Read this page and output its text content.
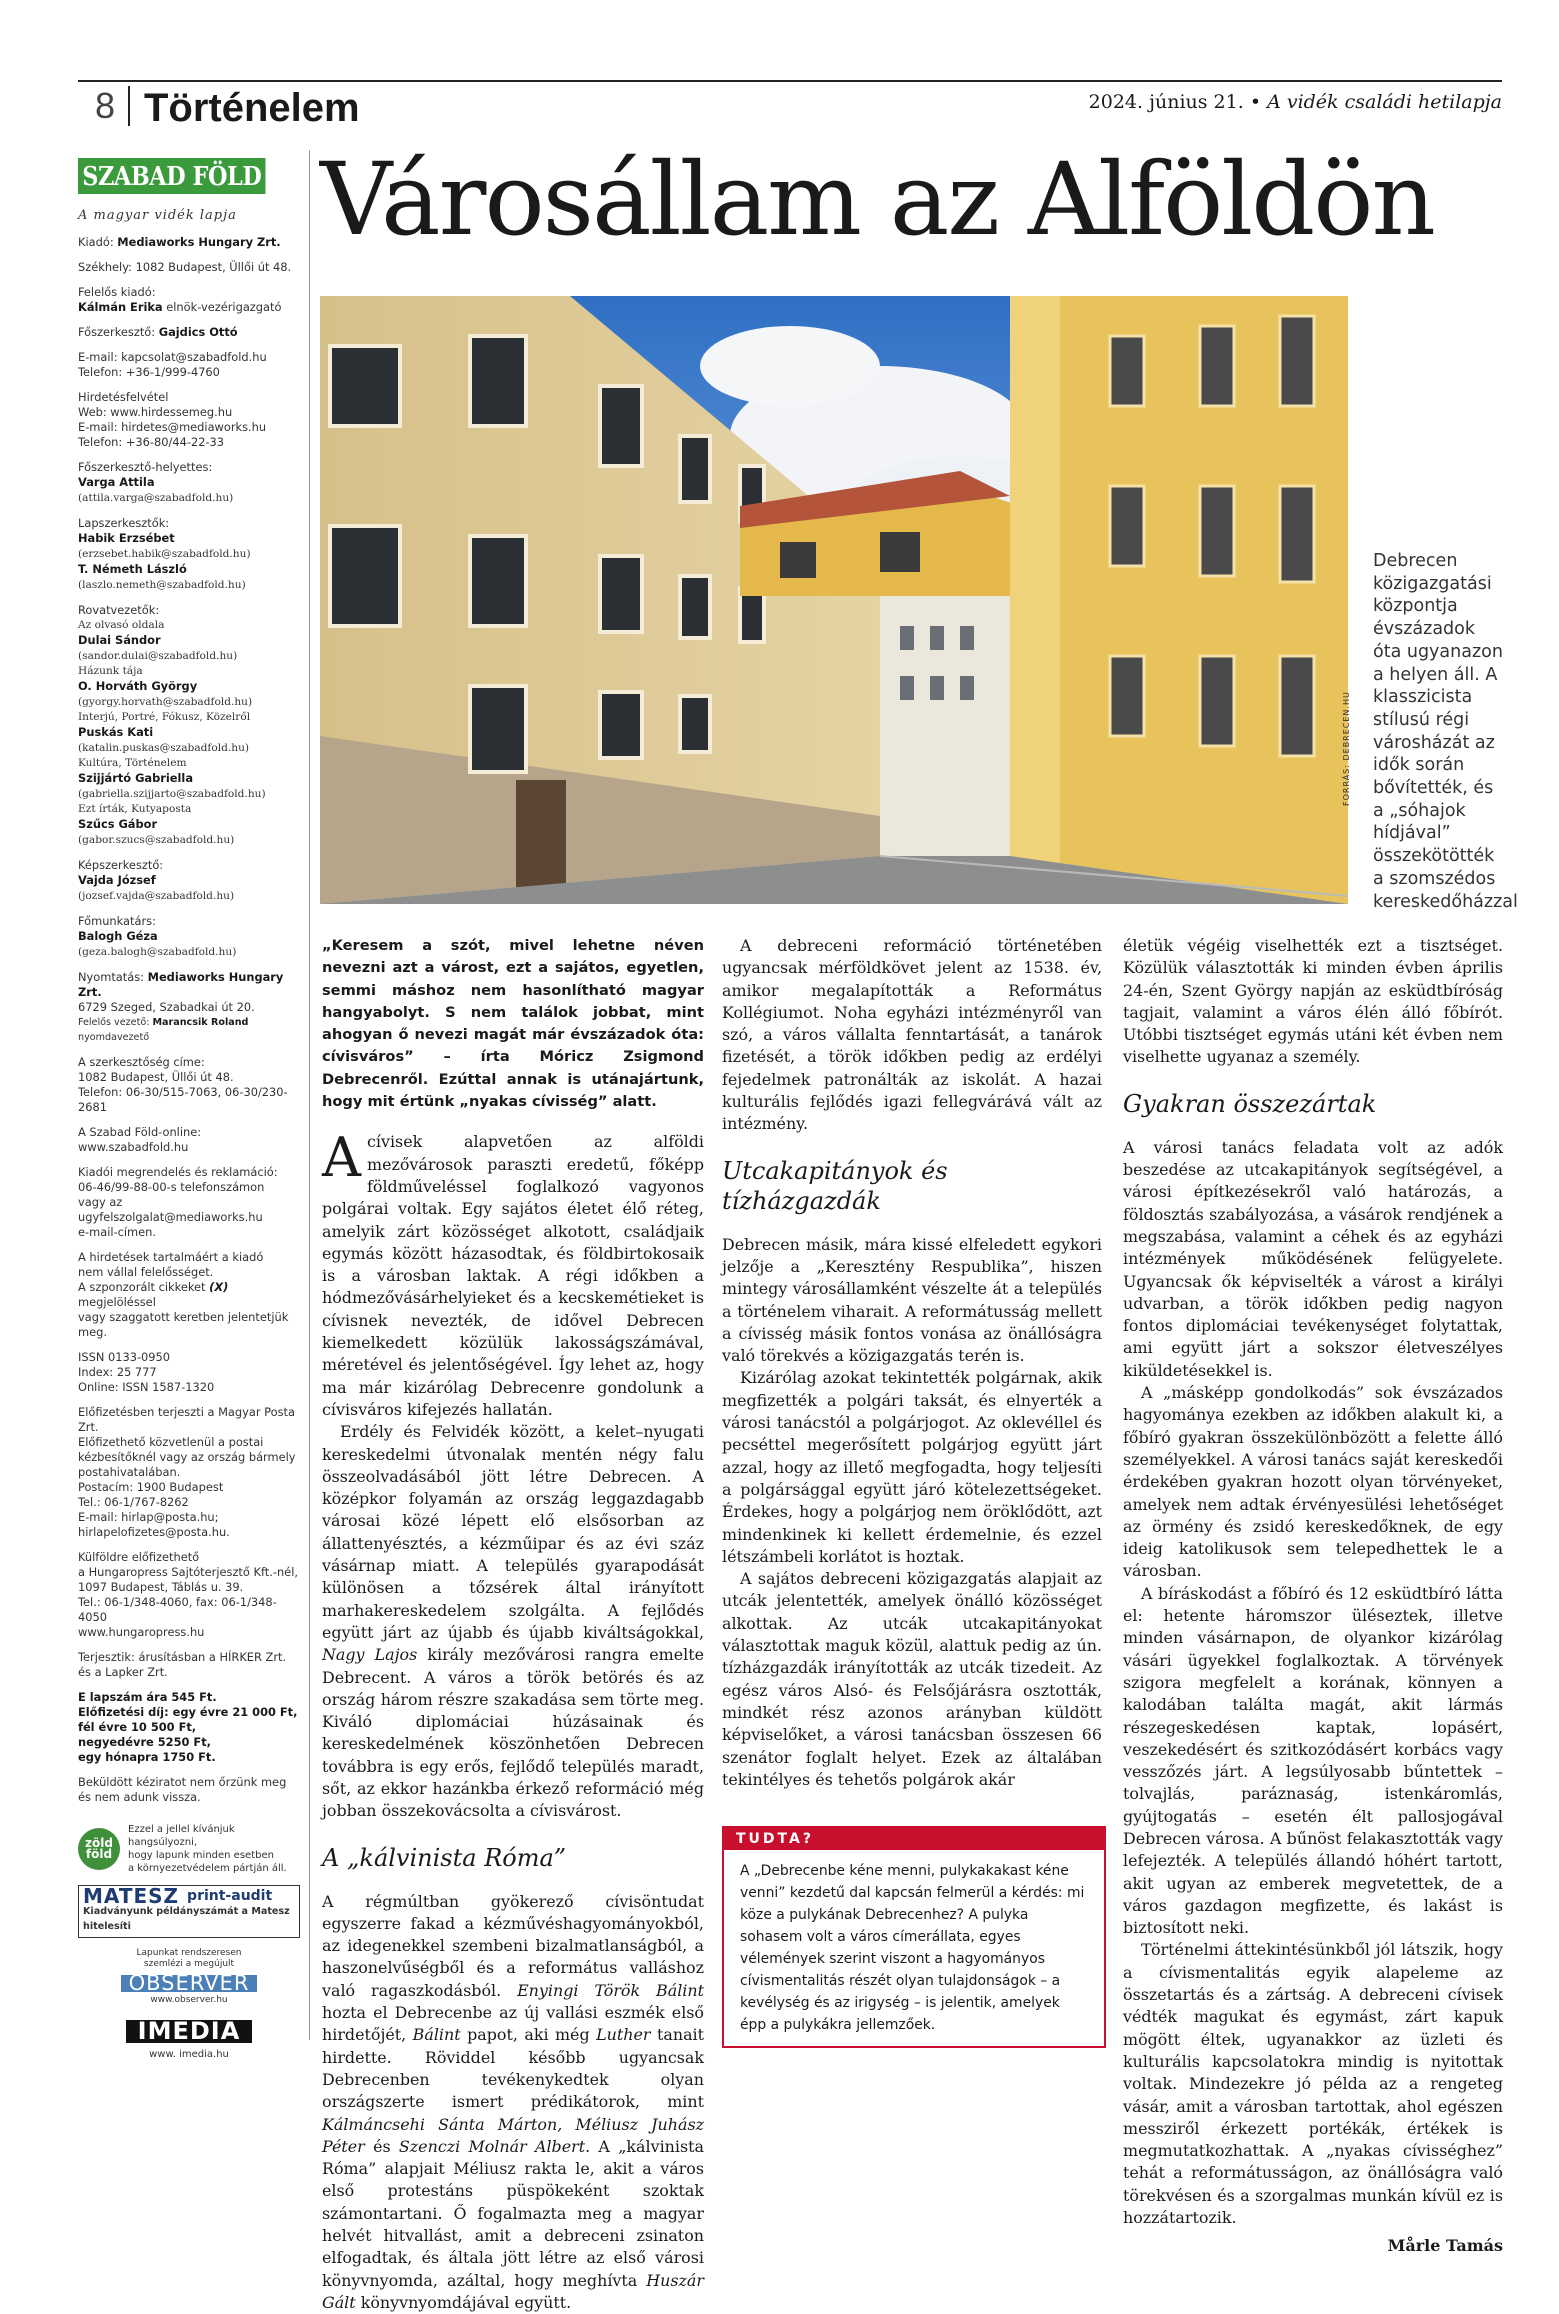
8 Történelem	2024. június 21. • A vidék családi hetilapja
SZABAD FÖLD
A magyar vidék lapja
Kiadó: Mediaworks Hungary Zrt.
Székhely: 1082 Budapest, Üllői út 48.
Felelős kiadó:
Kálmán Erika elnök-vezérigazgató
Főszerkesztő: Gajdics Ottó
E-mail: kapcsolat@szabadfold.hu
Telefon: +36-1/999-4760
Hirdetésfelvétel
Web: www.hirdessemeg.hu
E-mail: hirdetes@mediaworks.hu
Telefon: +36-80/44-22-33
Főszerkesztő-helyettes:
Varga Attila (attila.varga@szabadfold.hu)
Lapszerkesztők:
Habik Erzsébet (erzsebet.habik@szabadfold.hu)
T. Németh László (laszlo.nemeth@szabadfold.hu)
Rovatvezetők:
Az olvasó oldala
Dulai Sándor (sandor.dulai@szabadfold.hu)
Házunk tája
O. Horváth György (gyorgy.horvath@szabadfold.hu)
Interjú, Portré, Fókusz, Közelről
Puskás Kati (katalin.puskas@szabadfold.hu)
Kultúra, Történelem
Szijjártó Gabriella (gabriella.szijjarto@szabadfold.hu)
Ezt írták, Kutyaposta
Szűcs Gábor (gabor.szucs@szabadfold.hu)
Képszerkesztő:
Vajda József (jozsef.vajda@szabadfold.hu)
Főmunkatárs:
Balogh Géza (geza.balogh@szabadfold.hu)
Nyomtatás: Mediaworks Hungary Zrt.
6729 Szeged, Szabadkai út 20.
Felelős vezető: Marancsik Roland nyomdavezető
A szerkesztőség címe:
1082 Budapest, Üllői út 48.
Telefon: 06-30/515-7063, 06-30/230-2681
A Szabad Föld-online: www.szabadfold.hu
Kiadói megrendelés és reklamáció:
06-46/99-88-00-s telefonszámon
vagy az ugyfelszolgalat@mediaworks.hu
e-mail-címen.
A hirdetések tartalmáért a kiadó
nem vállal felelősséget.
A szponzorált cikkeket (X) megjelöléssel
vagy szaggatott keretben jelentetjük meg.
ISSN 0133-0950
Index: 25 777
Online: ISSN 1587-1320
Előfizetésben terjeszti a Magyar Posta Zrt.
Előfizethető közvetlenül a postai
kézbesítőknél vagy az ország bármely
postahivatalában.
Postacím: 1900 Budapest
Tel.: 06-1/767-8262
E-mail: hirlap@posta.hu;
hirlapelofizetes@posta.hu.
Külföldre előfizethető
a Hungaropress Sajtóterjesztő Kft.-nél,
1097 Budapest, Táblás u. 39.
Tel.: 06-1/348-4060, fax: 06-1/348-4050
www.hungaropress.hu
Terjesztik: árusításban a HÍRKER Zrt.
és a Lapker Zrt.
E lapszám ára 545 Ft.
Előfizetési díj: egy évre 21 000 Ft,
fél évre 10 500 Ft,
negyedévre 5250 Ft,
egy hónapra 1750 Ft.
Beküldött kéziratot nem őrzünk meg
és nem adunk vissza.
zöld föld
Ezzel a jellel kívánjuk hangsúlyozni,
hogy lapunk minden esetben
a környezetvédelem pártján áll.
MATESZ print-audit
Kiadványunk példányszámát a Matesz hitelesíti
Lapunkat rendszeresen
szemlézi a megújult
OBSERVER
www.observer.hu
IMEDIA
www. imedia.hu
Városállam az Alföldön
FORRÁS: DEBRECEN.HU
Debrecen közigazgatási központja évszázadok óta ugyanazon a helyen áll. A klasszicista stílusú régi városházát az idők során bővítették, és a „sóhajok hídjával” összekötötték a szomszédos kereskedőházzal
„Keresem a szót, mivel lehetne néven nevezni azt a várost, ezt a sajátos, egyetlen, semmi máshoz nem hasonlítható magyar hangyabolyt. S nem találok jobbat, mint ahogyan ő nevezi magát már évszázadok óta: cívisváros” – írta Móricz Zsigmond Debrecenről. Ezúttal annak is utánajártunk, hogy mit értünk „nyakas cívisség” alatt.

A cívisek alapvetően az alföldi mezővárosok paraszti eredetű, főképp földműveléssel foglalkozó vagyonos polgárai voltak. Egy sajátos életet élő réteg, amelyik zárt közösséget alkotott, családjaik egymás között házasodtak, és földbirtokosaik is a városban laktak. A régi időkben a hódmezővásárhelyieket és a kecskemétieket is cívisnek nevezték, de idővel Debrecen kiemelkedett közülük lakosságszámával, méretével és jelentőségével. Így lehet az, hogy ma már kizárólag Debrecenre gondolunk a cívisváros kifejezés hallatán.

Erdély és Felvidék között, a kelet–nyugati kereskedelmi útvonalak mentén négy falu összeolvadásából jött létre Debrecen. A középkor folyamán az ország leggazdagabb városai közé lépett elő elsősorban az állattenyésztés, a kézműipar és az évi száz vásárnap miatt. A település gyarapodását különösen a tőzsérek által irányított marhakereskedelem szolgálta. A fejlődés együtt járt az újabb és újabb kiváltságokkal, Nagy Lajos király mezővárosi rangra emelte Debrecent. A város a török betörés és az ország három részre szakadása sem törte meg. Kiváló diplomáciai húzásainak és kereskedelmének köszönhetően Debrecen továbbra is egy erős, fejlődő település maradt, sőt, az ekkor hazánkba érkező reformáció még jobban összekovácsolta a cívisvárost.

A „kálvinista Róma”

A régmúltban gyökerező cívisöntudat egyszerre fakad a kézművéshagyományokból, az idegenekkel szembeni bizalmatlanságból, a haszonelvűségből és a református valláshoz való ragaszkodásból. Enyingi Török Bálint hozta el Debrecenbe az új vallási eszmék első hirdetőjét, Bálint papot, aki még Luther tanait hirdette. Röviddel később ugyancsak Debrecenben tevékenykedtek olyan országszerte ismert prédikátorok, mint Kálmáncsehi Sánta Márton, Méliusz Juhász Péter és Szenczi Molnár Albert. A „kálvinista Róma” alapjait Méliusz rakta le, akit a város első protestáns püspökeként szoktak számontartani. Ő fogalmazta meg a magyar helvét hitvallást, amit a debreceni zsinaton elfogadtak, és általa jött létre az első városi könyvnyomda, azáltal, hogy meghívta Huszár Gált könyvnyomdájával együtt.

A debreceni reformáció történetében ugyancsak mérföldkövet jelent az 1538. év, amikor megalapították a Református Kollégiumot. Noha egyházi intézményről van szó, a város vállalta fenntartását, a tanárok fizetését, a török időkben pedig az erdélyi fejedelmek patronálták az iskolát. A hazai kulturális fejlődés igazi fellegvárává vált az intézmény.

Utcakapitányok és tízházgazdák

Debrecen másik, mára kissé elfeledett egykori jelzője a „Keresztény Respublika”, hiszen mintegy városállamként vészelte át a település a történelem viharait. A reformátusság mellett a cívisség másik fontos vonása az önállóságra való törekvés a közigazgatás terén is.

Kizárólag azokat tekintették polgárnak, akik megfizették a polgári taksát, és elnyerték a városi tanácstól a polgárjogot. Az oklevéllel és pecséttel megerősített polgárjog együtt járt azzal, hogy az illető megfogadta, hogy teljesíti a polgársággal együtt járó kötelezettségeket. Érdekes, hogy a polgárjog nem öröklődött, azt mindenkinek ki kellett érdemelnie, és ezzel létszámbeli korlátot is hoztak.

A sajátos debreceni közigazgatás alapjait az utcák jelentették, amelyek önálló közösséget alkottak. Az utcák utcakapitányokat választottak maguk közül, alattuk pedig az ún. tízházgazdák irányították az utcák tizedeit. Az egész város Alsó- és Felsőjárásra osztották, mindkét rész azonos arányban küldött képviselőket, a városi tanácsban összesen 66 szenátor foglalt helyet. Ezek az általában tekintélyes és tehetős polgárok akár

TUDTA?
A „Debrecenbe kéne menni, pulykakakast kéne venni” kezdetű dal kapcsán felmerül a kérdés: mi köze a pulykának Debrecenhez? A pulyka sohasem volt a város címerállata, egyes vélemények szerint viszont a hagyományos cívismentalitás részét olyan tulajdonságok – a kevélység és az irigység – is jelentik, amelyek épp a pulykákra jellemzőek.

életük végéig viselhették ezt a tisztséget. Közülük választották ki minden évben április 24-én, Szent György napján az esküdtbíróság tagjait, valamint a város élén álló főbírót. Utóbbi tisztséget egymás utáni két évben nem viselhette ugyanaz a személy.

Gyakran összezártak

A városi tanács feladata volt az adók beszedése az utcakapitányok segítségével, a városi építkezésekről való határozás, a földosztás szabályozása, a vásárok rendjének a megszabása, valamint a céhek és az egyházi intézmények működésének felügyelete. Ugyancsak ők képviselték a várost a királyi udvarban, a török időkben pedig nagyon fontos diplomáciai tevékenységet folytattak, ami együtt járt a sokszor életveszélyes kiküldetésekkel is.

A „másképp gondolkodás” sok évszázados hagyománya ezekben az időkben alakult ki, a főbíró gyakran összekülönbözött a felette álló személyekkel. A városi tanács saját kereskedői érdekében gyakran hozott olyan törvényeket, amelyek nem adtak érvényesülési lehetőséget az örmény és zsidó kereskedőknek, de egy ideig katolikusok sem telepedhettek le a városban.

A bíráskodást a főbíró és 12 esküdtbíró látta el: hetente háromszor üléseztek, illetve minden vásárnapon, de olyankor kizárólag vásári ügyekkel foglalkoztak. A törvények szigora megfelelt a korának, könnyen a kalodában találta magát, akit lármás részegeskedésen kaptak, lopásért, veszekedésért és szitkozódásért korbács vagy vesszőzés járt. A legsúlyosabb bűntettek – tolvajlás, paráznaság, istenkáromlás, gyújtogatás – esetén élt pallosjogával Debrecen városa. A bűnöst felakasztották vagy lefejezték. A település állandó hóhért tartott, akit ugyan az emberek megvetettek, de a város gazdagon megfizette, és lakást is biztosított neki.

Történelmi áttekintésünkből jól látszik, hogy a cívismentalitás egyik alapeleme az összetartás és a zártság. A debreceni cívisek védték magukat és egymást, zárt kapuk mögött éltek, ugyanakkor az üzleti és kulturális kapcsolatokra mindig is nyitottak voltak. Mindezekre jó példa az a rengeteg vásár, amit a városban tartottak, ahol egészen messziről érkezett portékák, értékek is megmutatkozhattak. A „nyakas cívisséghez” tehát a reformátusságon, az önállóságra való törekvésen és a szorgalmas munkán kívül ez is hozzátartozik.

Mårle Tamás
